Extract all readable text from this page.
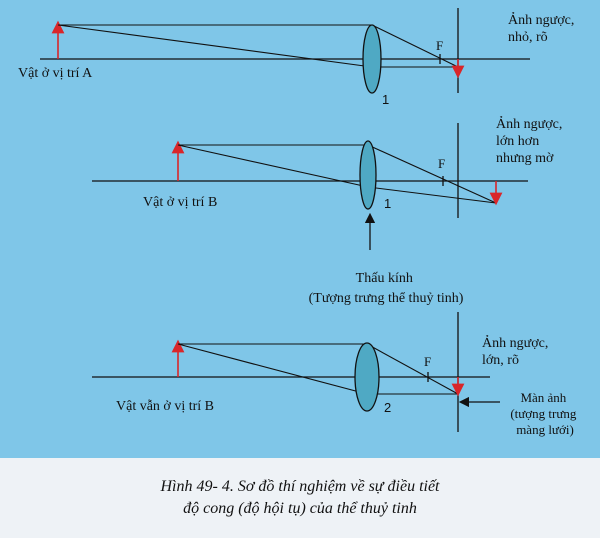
Vật ở vị trí A
F
1
Ảnh ngược, nhỏ, rõ
Vật ở vị trí B
F
1
Ảnh ngược, lớn hơn nhưng mờ
Thấu kính (Tượng trưng thể thuỷ tinh)
Vật vẫn ở vị trí B
F
2
Ảnh ngược, lớn, rõ
Màn ảnh (tượng trưng màng lưới)
Hình 49- 4. Sơ đồ thí nghiệm về sự điều tiết
độ cong (độ hội tụ) của thể thuỷ tinh
